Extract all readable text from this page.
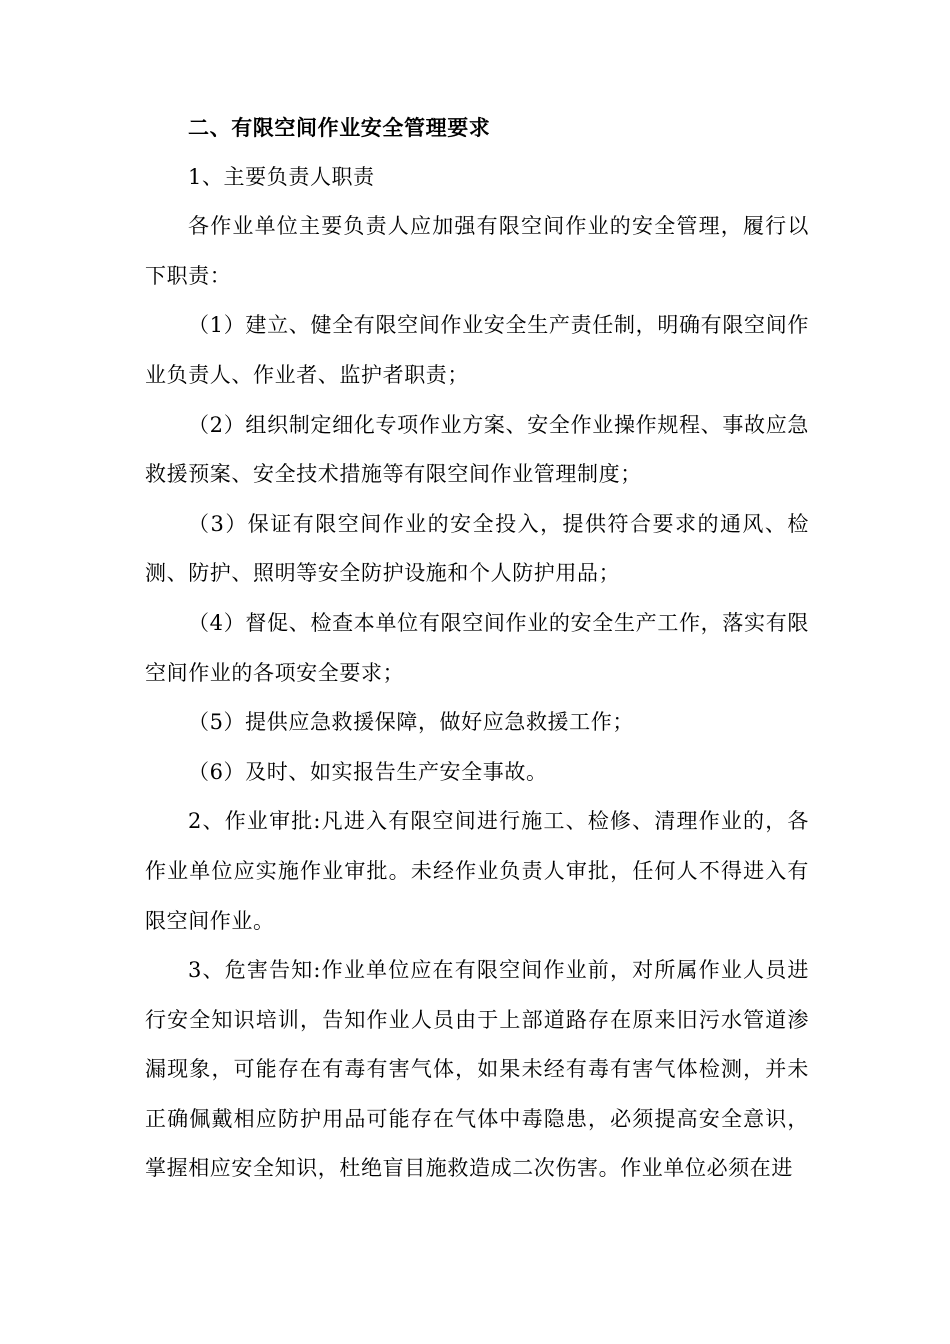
二、有限空间作业安全管理要求

1、主要负责人职责

各作业单位主要负责人应加强有限空间作业的安全管理，履行以下职责：

（1）建立、健全有限空间作业安全生产责任制，明确有限空间作业负责人、作业者、监护者职责；

（2）组织制定细化专项作业方案、安全作业操作规程、事故应急救援预案、安全技术措施等有限空间作业管理制度；

（3）保证有限空间作业的安全投入，提供符合要求的通风、检测、防护、照明等安全防护设施和个人防护用品；

（4）督促、检查本单位有限空间作业的安全生产工作，落实有限空间作业的各项安全要求；

（5）提供应急救援保障，做好应急救援工作；

（6）及时、如实报告生产安全事故。

2、作业审批:凡进入有限空间进行施工、检修、清理作业的，各作业单位应实施作业审批。未经作业负责人审批，任何人不得进入有限空间作业。

3、危害告知:作业单位应在有限空间作业前，对所属作业人员进行安全知识培训，告知作业人员由于上部道路存在原来旧污水管道渗漏现象，可能存在有毒有害气体，如果未经有毒有害气体检测，并未正确佩戴相应防护用品可能存在气体中毒隐患，必须提高安全意识，掌握相应安全知识，杜绝盲目施救造成二次伤害。作业单位必须在进
